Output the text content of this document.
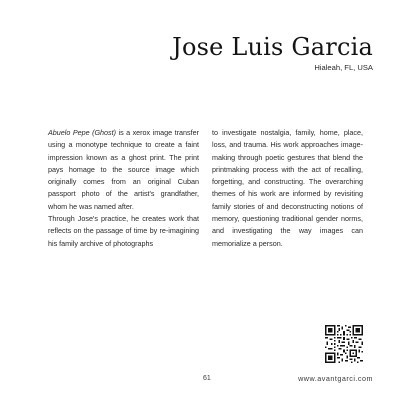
Jose Luis Garcia
Hialeah, FL, USA

Abuelo Pepe (Ghost) is a xerox image transfer using a monotype technique to create a faint impression known as a ghost print. The print pays homage to the source image which originally comes from an original Cuban passport photo of the artist's grandfather, whom he was named after.

Through Jose's practice, he creates work that reflects on the passage of time by re-imagining his family archive of photographs

to investigate nostalgia, family, home, place, loss, and trauma. His work approaches image-making through poetic gestures that blend the printmaking process with the act of recalling, forgetting, and constructing. The overarching themes of his work are informed by revisiting family stories of and deconstructing notions of memory, questioning traditional gender norms, and investigating the way images can memorialize a person.

61	www.avantgarci.com
